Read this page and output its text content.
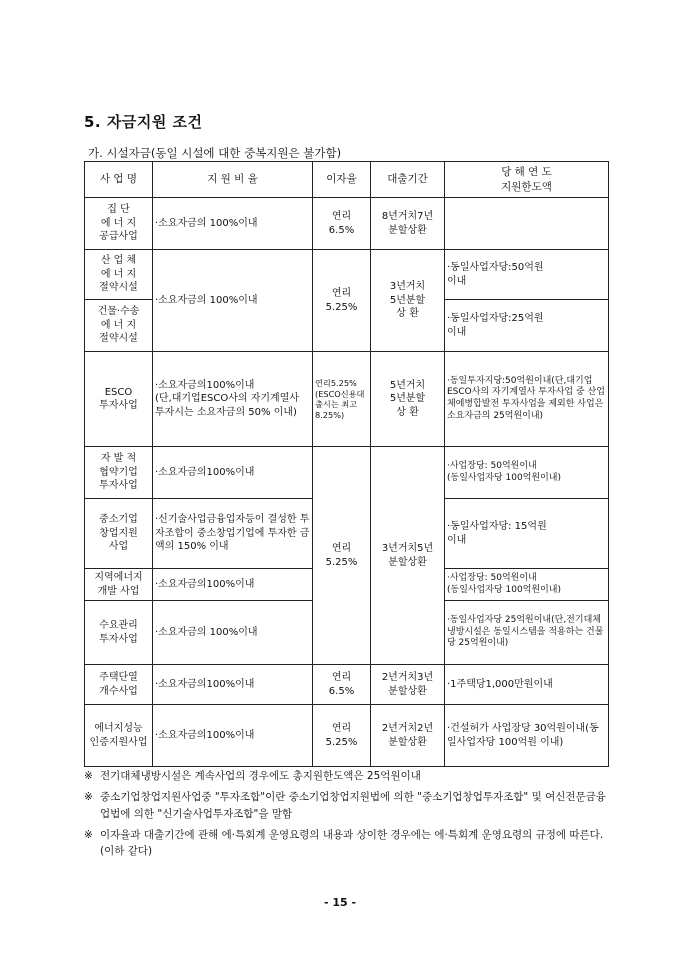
5. 자금지원 조건
가. 시설자금(동일 시설에 대한 중복지원은 불가함)
사 업 명	지 원 비 율	이자율	대출기간	당 해 연 도
지원한도액
집 단
에 너 지
공급사업	·소요자금의 100%이내	연리
6.5%	8년거치7년
분할상환	
산 업 체
에 너 지
절약시설	·소요자금의 100%이내	연리
5.25%	3년거치
5년분할
상 환	·동일사업자당:50억원
이내
건물·수송
에 너 지
절약시설				·동일사업자당:25억원
이내
ESCO
투자사업	·소요자금의100%이내
(단,대기업ESCO사의 자기계열사 투자시는 소요자금의 50% 이내)	연리5.25%
(ESCO신용대출시는 최고 8.25%)	5년거치
5년분할
상 환	·동일투자지당:50억원이내(단,대기업ESCO사의 자기계열사 투자사업 중 산업체에병합발전 투자사업을 제외한 사업은 소요자금의 25억원이내)
자 발 적
협약기업
투자사업	·소요자금의100%이내	연리
5.25%	3년거치5년
분할상환	·사업장당: 50억원이내
(동일사업자당 100억원이내)
중소기업
창업지원
사업	·신기술사업금융업자등이 결성한 투자조합이 중소창업기업에 투자한 금액의 150% 이내			·동일사업자당: 15억원
이내
지역에너지
개발 사업	·소요자금의100%이내			·사업장당: 50억원이내
(동일사업자당 100억원이내)
수요관리
투자사업	·소요자금의 100%이내			·동일사업자당 25억원이내(단,전기대체냉방시설은 동일시스템을 적용하는 건물당 25억원이내)
주택단열
개수사업	·소요자금의100%이내	연리
6.5%	2년거치3년
분할상환	·1주택당1,000만원이내
에너지성능
인증지원사업	·소요자금의100%이내	연리
5.25%	2년거치2년
분할상환	·건설허가 사업장당 30억원이내(동일사업자당 100억원 이내)
※ 전기대체냉방시설은 계속사업의 경우에도 총지원한도액은 25억원이내
※ 중소기업창업지원사업중 "투자조합"이란 중소기업창업지원법에 의한 "중소기업창업투자조합" 및 여신전문금융업법에 의한 "신기술사업투자조합"을 말함
※ 이자율과 대출기간에 관해 에·특회계 운영요령의 내용과 상이한 경우에는 에·특회계 운영요령의 규정에 따른다.(이하 같다)
- 15 -
